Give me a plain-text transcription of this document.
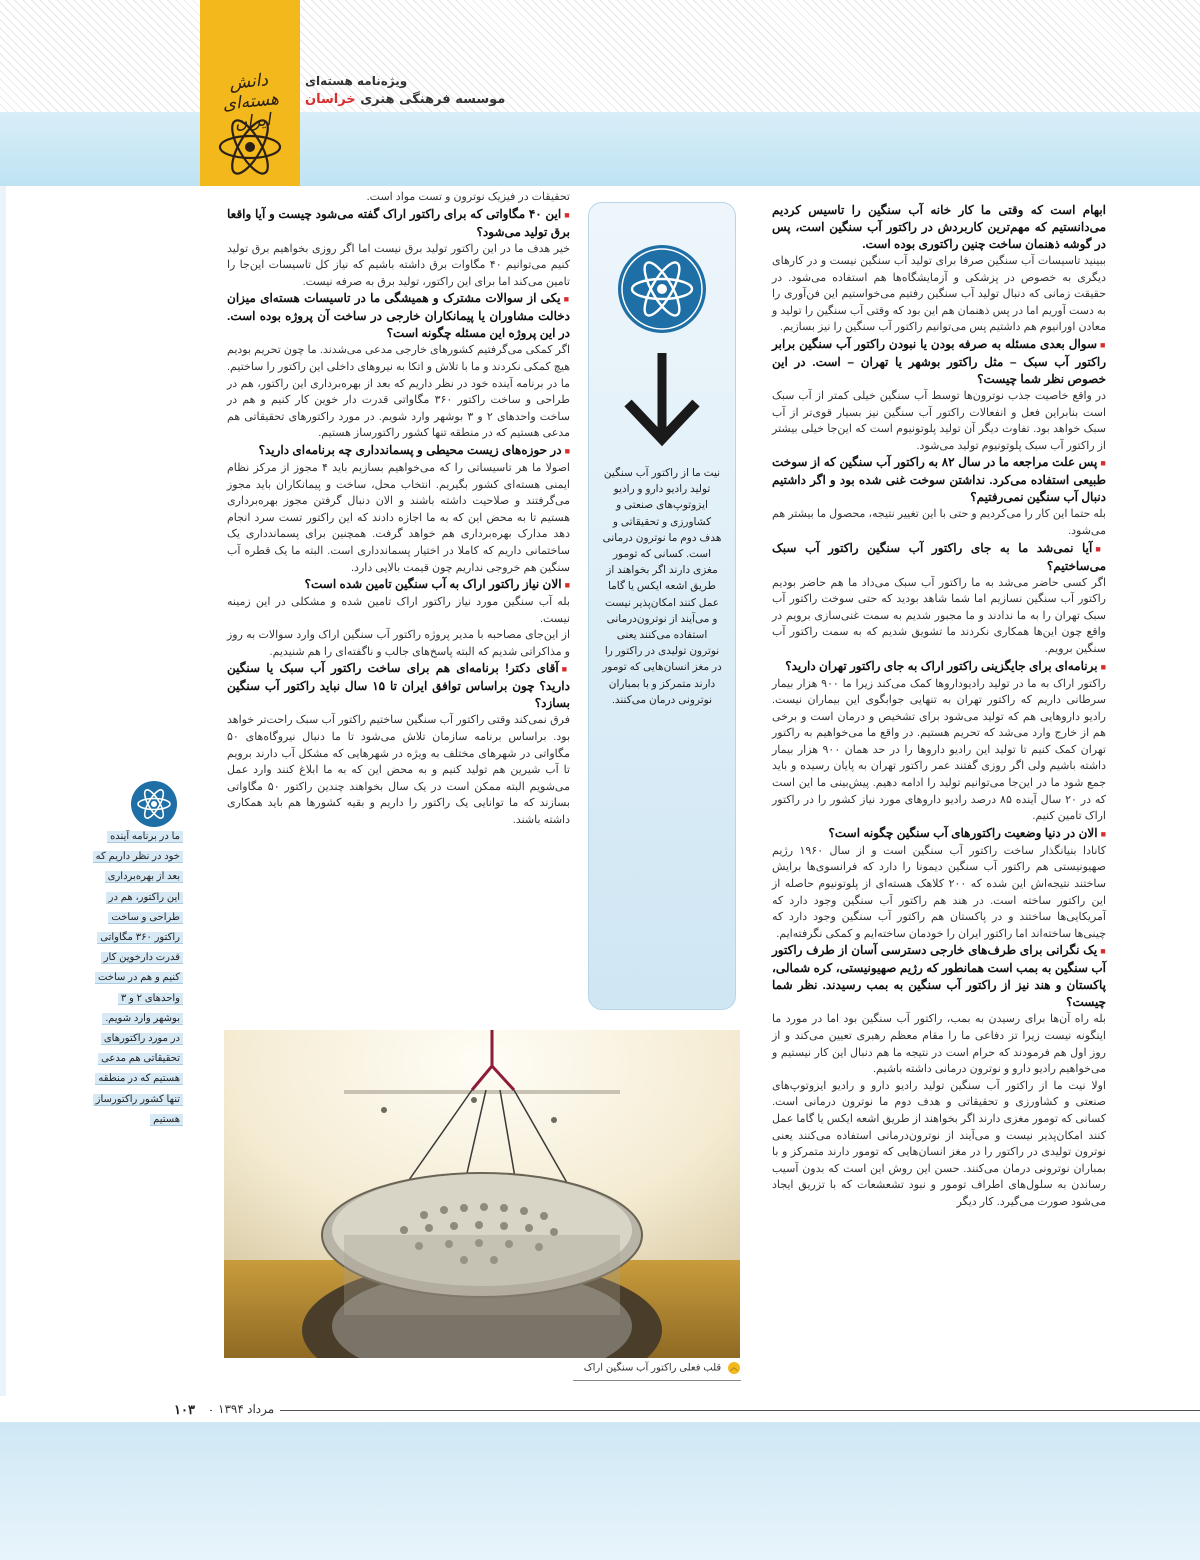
دانش هسته‌ای ایران
ویژه‌نامه هسته‌ای
موسسه فرهنگی هنری خراسان

ابهام است که وقتی ما کار خانه آب سنگین را تاسیس کردیم می‌دانستیم که مهم‌ترین کاربردش در راکتور آب سنگین است، پس در گوشه ذهنمان ساخت چنین راکتوری بوده است.

ببینید تاسیسات آب سنگین صرفا برای تولید آب سنگین نیست و در کارهای دیگری به خصوص در پزشکی و آزمایشگاه‌ها هم استفاده می‌شود. در حقیقت زمانی که دنبال تولید آب سنگین رفتیم می‌خواستیم این فن‌آوری را به دست آوریم اما در پس ذهنمان هم این بود که وقتی آب سنگین را تولید و معادن اورانیوم هم داشتیم پس می‌توانیم راکتور آب سنگین را نیز بسازیم.

■ سوال بعدی مسئله به صرفه بودن یا نبودن راکتور آب سنگین برابر راکتور آب سبک – مثل راکتور بوشهر یا تهران – است. در این خصوص نظر شما چیست؟

در واقع خاصیت جذب نوترون‌ها توسط آب سنگین خیلی کمتر از آب سبک است بنابراین فعل و انفعالات راکتور آب سنگین نیز بسیار قوی‌تر از آب سبک خواهد بود. تفاوت دیگر آن تولید پلوتونیوم است که این‌جا خیلی بیشتر از راکتور آب سبک پلوتونیوم تولید می‌شود.

■ پس علت مراجعه ما در سال ۸۲ به راکتور آب سنگین که از سوخت طبیعی استفاده می‌کرد. نداشتن سوخت غنی شده بود و اگر داشتیم دنبال آب سنگین نمی‌رفتیم؟

بله حتما این کار را می‌کردیم و حتی با این تغییر نتیجه، محصول ما بیشتر هم می‌شود.

■ آیا نمی‌شد ما به جای راکتور آب سنگین راکتور آب سبک می‌ساختیم؟

اگر کسی حاضر می‌شد به ما راکتور آب سبک می‌داد ما هم حاضر بودیم راکتور آب سنگین نسازیم اما شما شاهد بودید که حتی سوخت راکتور آب سبک تهران را به ما ندادند و ما مجبور شدیم به سمت غنی‌سازی برویم در واقع چون این‌ها همکاری نکردند ما تشویق شدیم که به سمت راکتور آب سنگین برویم.

■ برنامه‌ای برای جایگزینی راکتور اراک به جای راکتور تهران دارید؟

راکتور اراک به ما در تولید رادیوداروها کمک می‌کند زیرا ما ۹۰۰ هزار بیمار سرطانی داریم که راکتور تهران به تنهایی جوابگوی این بیماران نیست. رادیو داروهایی هم که تولید می‌شود برای تشخیص و درمان است و برخی هم از خارج وارد می‌شد که تحریم هستیم. در واقع ما می‌خواهیم به راکتور تهران کمک کنیم تا تولید این رادیو داروها را در حد همان ۹۰۰ هزار بیمار داشته باشیم ولی اگر روزی گفتند عمر راکتور تهران به پایان رسیده و باید جمع شود ما در این‌جا می‌توانیم تولید را ادامه دهیم. پیش‌بینی ما این است که در ۲۰ سال آینده ۸۵ درصد رادیو داروهای مورد نیاز کشور را در راکتور اراک تامین کنیم.

■ الان در دنیا وضعیت راکتورهای آب سنگین چگونه است؟

کانادا بنیانگذار ساخت راکتور آب سنگین است و از سال ۱۹۶۰ رژیم صهیونیستی هم راکتور آب سنگین دیمونا را دارد که فرانسوی‌ها برایش ساختند نتیجه‌اش این شده که ۲۰۰ کلاهک هسته‌ای از پلوتونیوم حاصله از این راکتور ساخته است. در هند هم راکتور آب سنگین وجود دارد که آمریکایی‌ها ساختند و در پاکستان هم راکتور آب سنگین وجود دارد که چینی‌ها ساخته‌اند اما راکتور ایران را خودمان ساخته‌ایم و کمکی نگرفته‌ایم.

■ یک نگرانی برای طرف‌های خارجی دسترسی آسان از طرف راکتور آب سنگین به بمب است همانطور که رژیم صهیونیستی، کره شمالی، پاکستان و هند نیز از راکتور آب سنگین به بمب رسیدند. نظر شما چیست؟

بله راه آن‌ها برای رسیدن به بمب، راکتور آب سنگین بود اما در مورد ما اینگونه نیست زیرا تز دفاعی ما را مقام معظم رهبری تعیین می‌کند و از روز اول هم فرمودند که حرام است در نتیجه ما هم دنبال این کار نیستیم و می‌خواهیم رادیو دارو و نوترون درمانی داشته باشیم.

اولا نیت ما از راکتور آب سنگین تولید رادیو دارو و رادیو ایزوتوپ‌های صنعتی و کشاورزی و تحقیقاتی و هدف دوم ما نوترون درمانی است. کسانی که تومور مغزی دارند اگر بخواهند از طریق اشعه ایکس یا گاما عمل کنند امکان‌پذیر نیست و می‌آیند از نوترون‌درمانی استفاده می‌کنند یعنی نوترون تولیدی در راکتور را در مغز انسان‌هایی که تومور دارند متمرکز و با بمباران نوترونی درمان می‌کنند. حسن این روش این است که بدون آسیب رساندن به سلول‌های اطراف تومور و نبود تشعشعات که با تزریق ایجاد می‌شود صورت می‌گیرد. کار دیگر

تحقیقات در فیزیک نوترون و تست مواد است.

■ این ۴۰ مگاواتی که برای راکتور اراک گفته می‌شود چیست و آیا واقعا برق تولید می‌شود؟

خیر هدف ما در این راکتور تولید برق نیست اما اگر روزی بخواهیم برق تولید کنیم می‌توانیم ۴۰ مگاوات برق داشته باشیم که نیاز کل تاسیسات این‌جا را تامین می‌کند اما برای این راکتور، تولید برق به صرفه نیست.

■ یکی از سوالات مشترک و همیشگی ما در تاسیسات هسته‌ای میزان دخالت مشاوران یا پیمانکاران خارجی در ساخت آن پروژه بوده است. در این پروژه این مسئله چگونه است؟

اگر کمکی می‌گرفتیم کشورهای خارجی مدعی می‌شدند. ما چون تحریم بودیم هیچ کمکی نکردند و ما با تلاش و اتکا به نیروهای داخلی این راکتور را ساختیم. ما در برنامه آینده خود در نظر داریم که بعد از بهره‌برداری این راکتور، هم در طراحی و ساخت راکتور ۳۶۰ مگاواتی قدرت دار خوین کار کنیم و هم در ساخت واحدهای ۲ و ۳ بوشهر وارد شویم. در مورد راکتورهای تحقیقاتی هم مدعی هستیم که در منطقه تنها کشور راکتورساز هستیم.

■ در حوزه‌های زیست محیطی و پسماندداری چه برنامه‌ای دارید؟

اصولا ما هر تاسیساتی را که می‌خواهیم بسازیم باید ۴ مجوز از مرکز نظام ایمنی هسته‌ای کشور بگیریم. انتخاب محل، ساخت و پیمانکاران باید مجوز می‌گرفتند و صلاحیت داشته باشند و الان دنبال گرفتن مجوز بهره‌برداری هستیم تا به محض این که به ما اجازه دادند که این راکتور تست سرد انجام دهد مدارک بهره‌برداری هم خواهد گرفت. همچنین برای پسماندداری یک ساختمانی داریم که کاملا در اختیار پسماندداری است. البته ما یک قطره آب سنگین هم خروجی نداریم چون قیمت بالایی دارد.

■ الان نیاز راکتور اراک به آب سنگین تامین شده است؟

بله آب سنگین مورد نیاز راکتور اراک تامین شده و مشکلی در این زمینه نیست.

از این‌جای مصاحبه با مدیر پروژه راکتور آب سنگین اراک وارد سوالات به روز و مذاکراتی شدیم که البته پاسخ‌های جالب و ناگفته‌ای را هم شنیدیم.

■ آقای دکتر! برنامه‌ای هم برای ساخت راکتور آب سبک یا سنگین دارید؟ چون براساس توافق ایران تا ۱۵ سال نباید راکتور آب سنگین بسازد؟

فرق نمی‌کند وقتی راکتور آب سنگین ساختیم راکتور آب سبک راحت‌تر خواهد بود. براساس برنامه سازمان تلاش می‌شود تا ما دنبال نیروگاه‌های ۵۰ مگاواتی در شهرهای مختلف به ویژه در شهرهایی که مشکل آب دارند برویم تا آب شیرین هم تولید کنیم و به محض این که به ما ابلاغ کنند وارد عمل می‌شویم البته ممکن است در یک سال بخواهند چندین راکتور ۵۰ مگاواتی بسازند که ما توانایی یک راکتور را داریم و بقیه کشورها هم باید همکاری داشته باشند.

نیت ما از راکتور آب سنگین تولید رادیو دارو و رادیو ایزوتوپ‌های صنعتی و کشاورزی و تحقیقاتی و هدف دوم ما نوترون درمانی است. کسانی که تومور مغزی دارند اگر بخواهند از طریق اشعه ایکس یا گاما عمل کنند امکان‌پذیر نیست و می‌آیند از نوترون‌درمانی استفاده می‌کنند یعنی نوترون تولیدی در راکتور را در مغز انسان‌هایی که تومور دارند متمرکز و با بمباران نوترونی درمان می‌کنند.
ما در برنامه آینده خود در نظر داریم که بعد از بهره‌برداری این راکتور، هم در طراحی و ساخت راکتور ۳۶۰ مگاواتی قدرت دارخوین کار کنیم و هم در ساخت واحدهای ۲ و ۳ بوشهر وارد شویم. در مورد راکتورهای تحقیقاتی هم مدعی هستیم که در منطقه تنها کشور راکتورساز هستیم
︿ قلب فعلی راکتور آب سنگین اراک
مرداد ۱۳۹۴
۱۰۳
